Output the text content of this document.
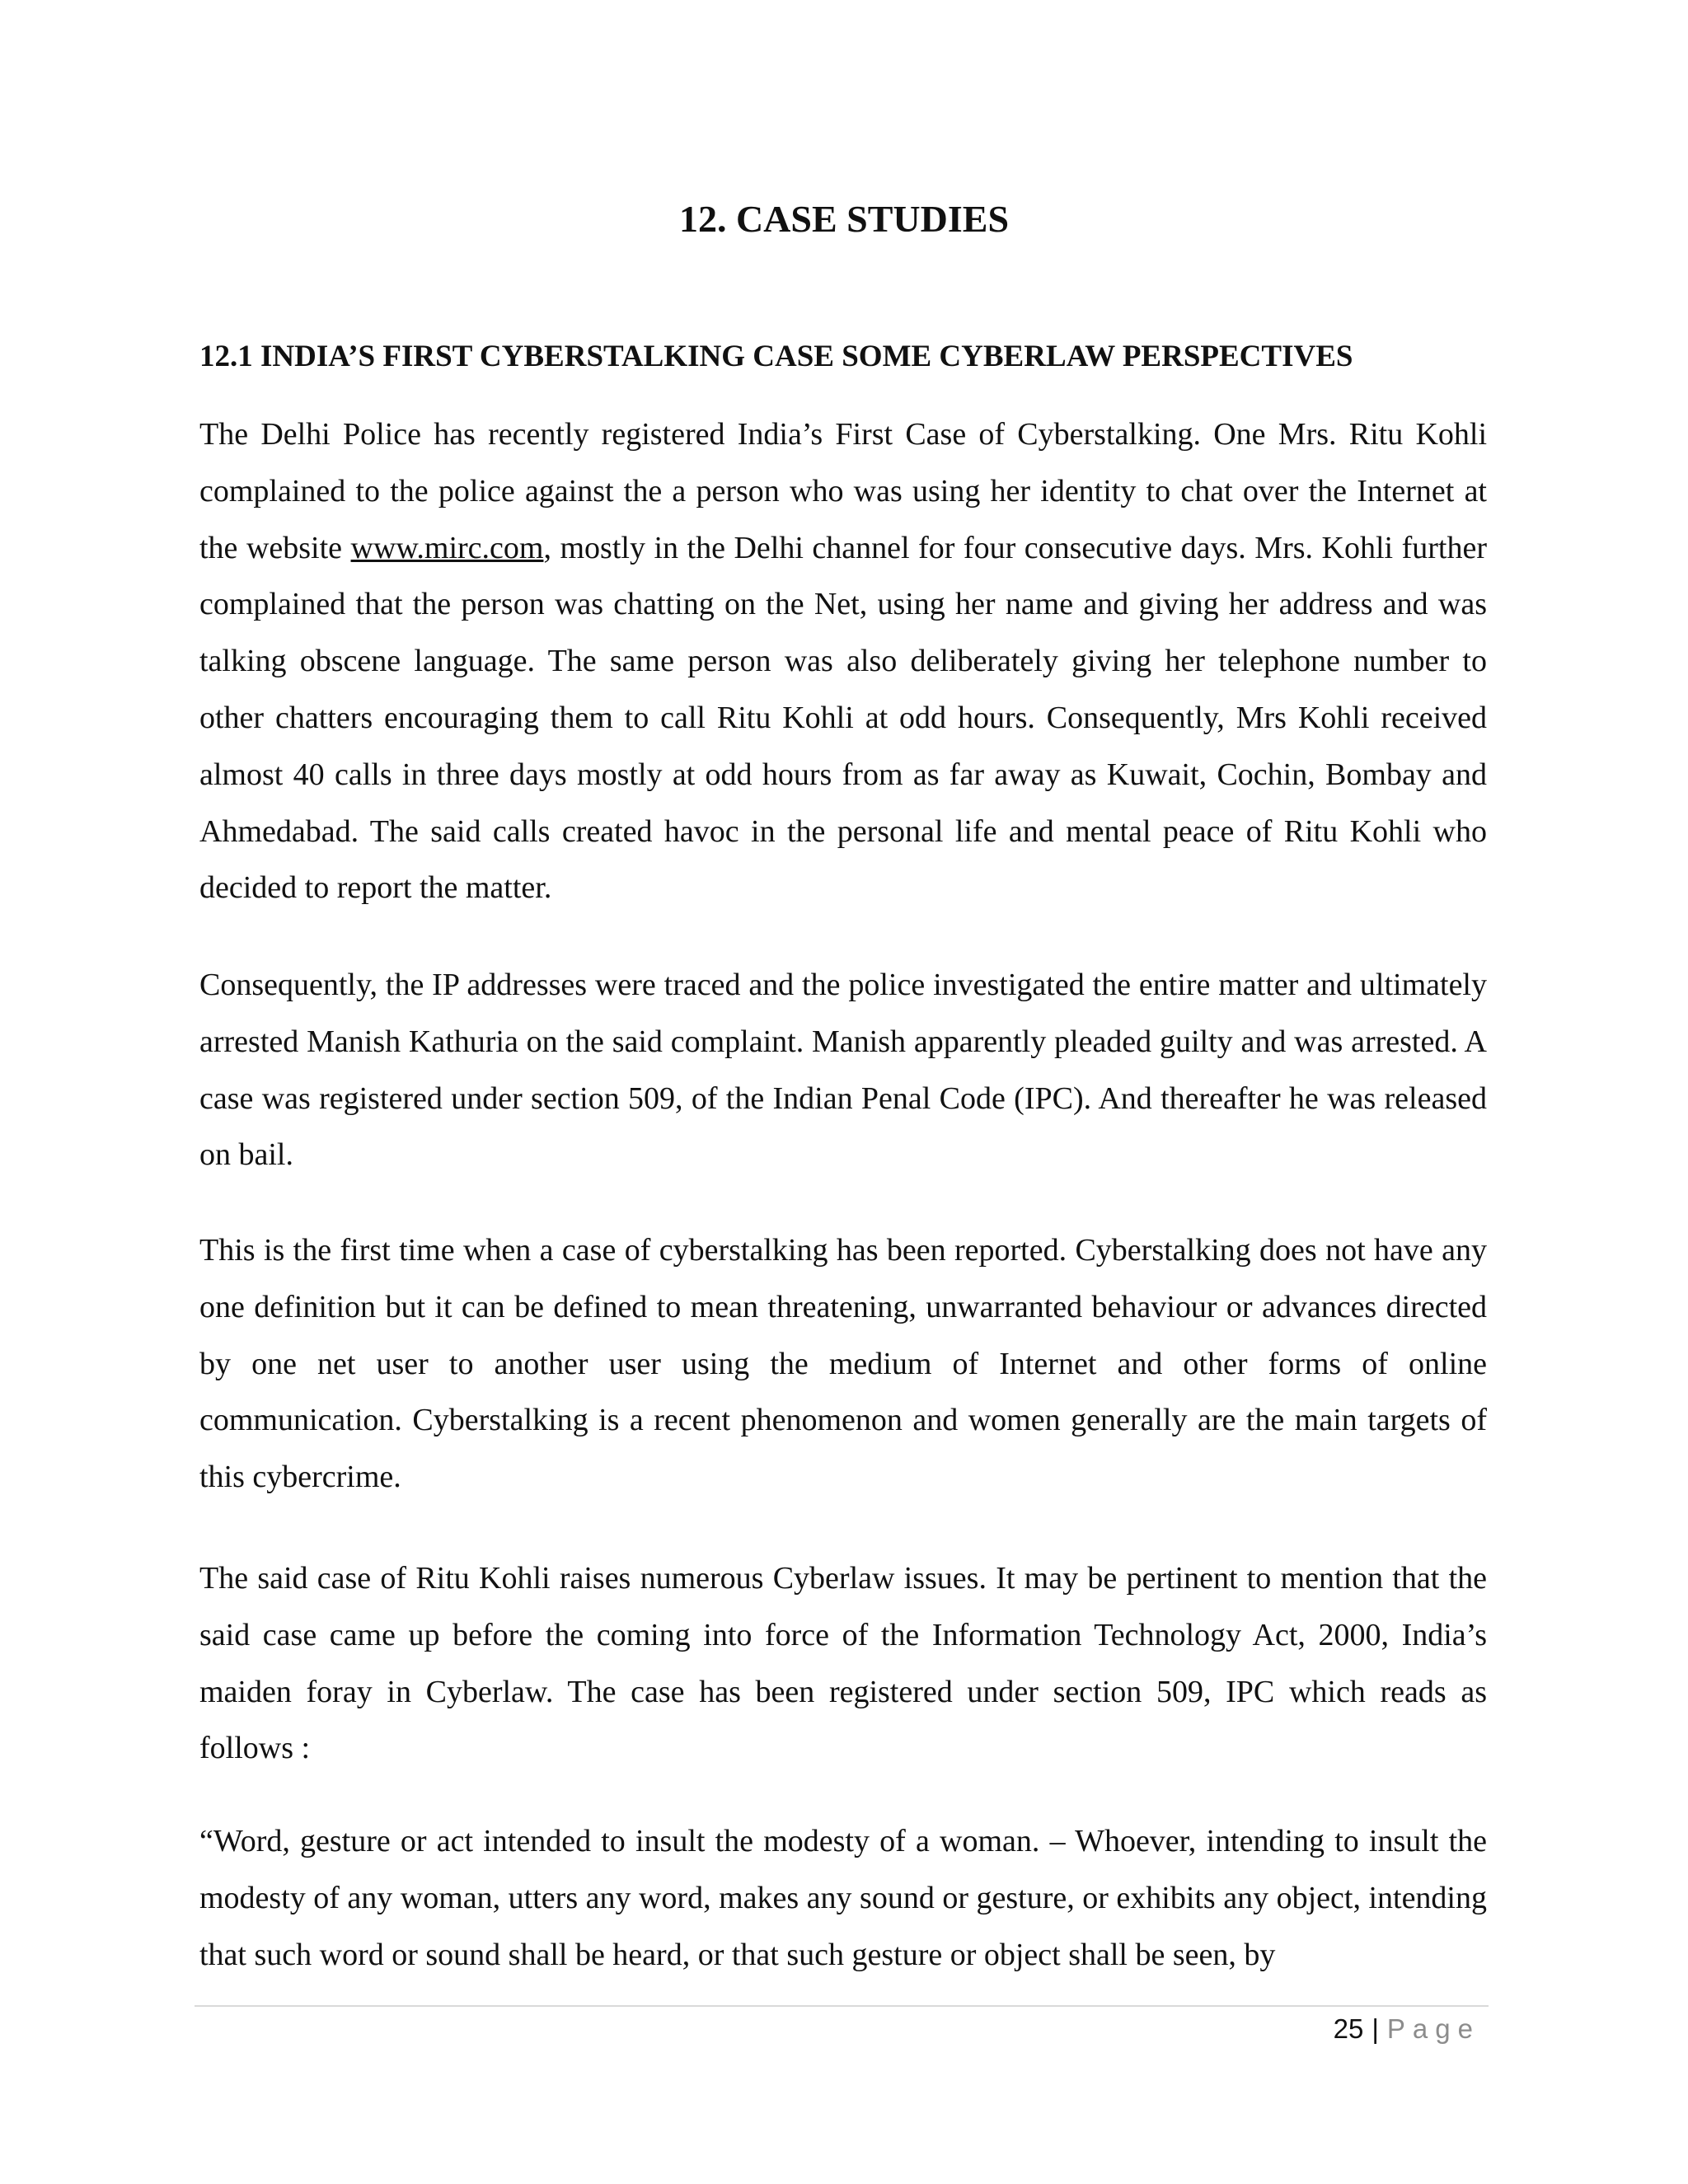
12. CASE STUDIES
12.1 INDIA’S FIRST CYBERSTALKING CASE SOME CYBERLAW PERSPECTIVES

The Delhi Police has recently registered India’s First Case of Cyberstalking. One Mrs. Ritu Kohli complained to the police against the a person who was using her identity to chat over the Internet at the website www.mirc.com, mostly in the Delhi channel for four consecutive days. Mrs. Kohli further complained that the person was chatting on the Net, using her name and giving her address and was talking obscene language. The same person was also deliberately giving her telephone number to other chatters encouraging them to call Ritu Kohli at odd hours. Consequently, Mrs Kohli received almost 40 calls in three days mostly at odd hours from as far away as Kuwait, Cochin, Bombay and Ahmedabad. The said calls created havoc in the personal life and mental peace of Ritu Kohli who decided to report the matter.

Consequently, the IP addresses were traced and the police investigated the entire matter and ultimately arrested Manish Kathuria on the said complaint. Manish apparently pleaded guilty and was arrested. A case was registered under section 509, of the Indian Penal Code (IPC). And thereafter he was released on bail.

This is the first time when a case of cyberstalking has been reported. Cyberstalking does not have any one definition but it can be defined to mean threatening, unwarranted behaviour or advances directed by one net user to another user using the medium of Internet and other forms of online communication. Cyberstalking is a recent phenomenon and women generally are the main targets of this cybercrime.

The said case of Ritu Kohli raises numerous Cyberlaw issues. It may be pertinent to mention that the said case came up before the coming into force of the Information Technology Act, 2000, India’s maiden foray in Cyberlaw. The case has been registered under section 509, IPC which reads as follows :

“Word, gesture or act intended to insult the modesty of a woman. – Whoever, intending to insult the modesty of any woman, utters any word, makes any sound or gesture, or exhibits any object, intending that such word or sound shall be heard, or that such gesture or object shall be seen, by

25 | Page
